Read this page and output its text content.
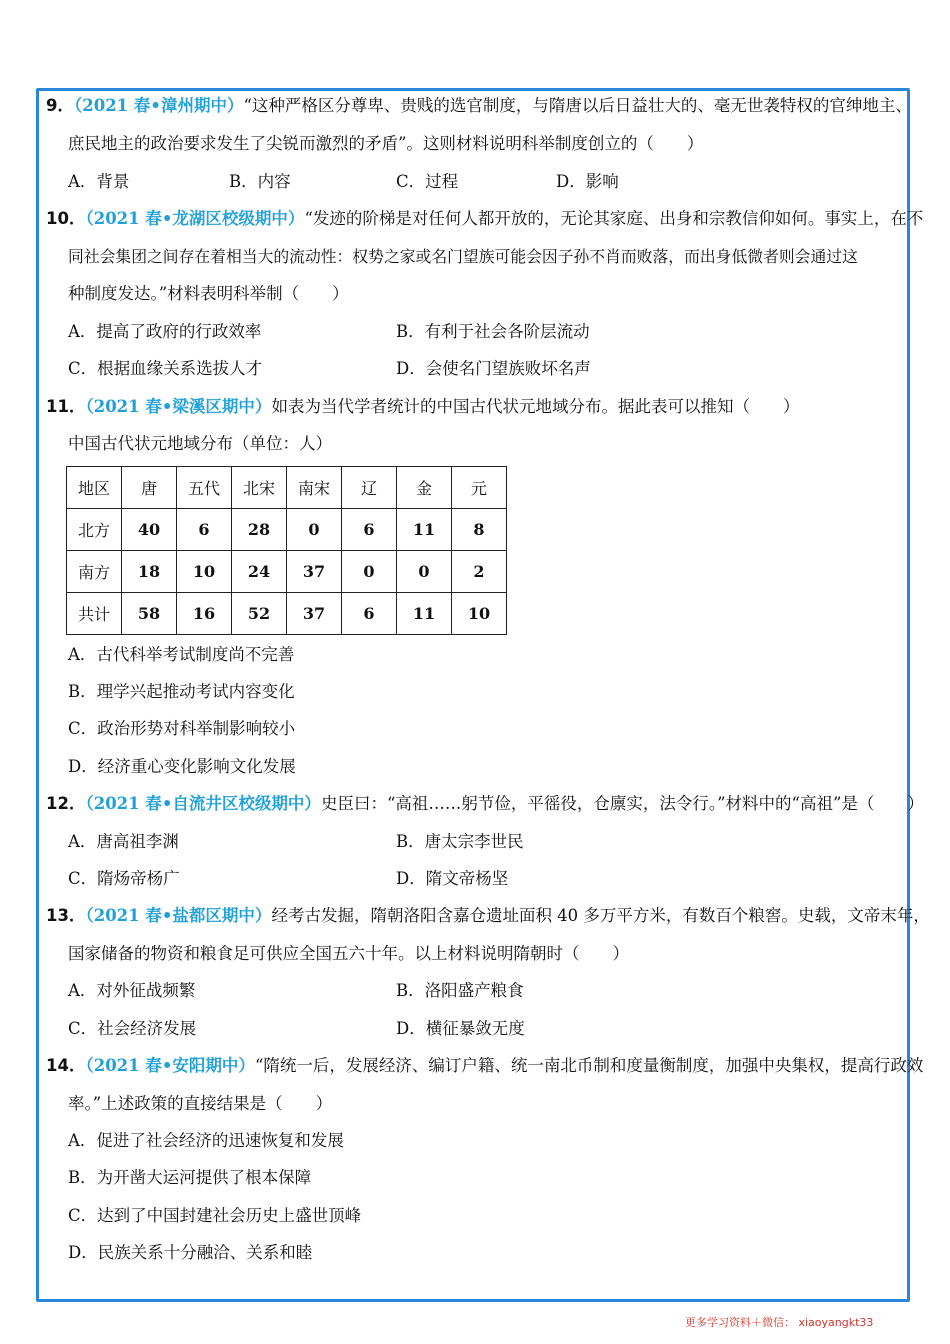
9．（2021 春•漳州期中）“这种严格区分尊卑、贵贱的选官制度，与隋唐以后日益壮大的、毫无世袭特权的官绅地主、
庶民地主的政治要求发生了尖锐而激烈的矛盾”。这则材料说明科举制度创立的（　　）
A．背景	B．内容	C．过程	D．影响
10．（2021 春•龙湖区校级期中）“发迹的阶梯是对任何人都开放的，无论其家庭、出身和宗教信仰如何。事实上，在不
同社会集团之间存在着相当大的流动性：权势之家或名门望族可能会因子孙不肖而败落，而出身低微者则会通过这
种制度发达。”材料表明科举制（　　）
A．提高了政府的行政效率	B．有利于社会各阶层流动
C．根据血缘关系选拔人才	D．会使名门望族败坏名声
11．（2021 春•梁溪区期中）如表为当代学者统计的中国古代状元地域分布。据此表可以推知（　　）
中国古代状元地域分布（单位：人）
地区	唐	五代	北宋	南宋	辽	金	元
北方	40	6	28	0	6	11	8
南方	18	10	24	37	0	0	2
共计	58	16	52	37	6	11	10
A．古代科举考试制度尚不完善
B．理学兴起推动考试内容变化
C．政治形势对科举制影响较小
D．经济重心变化影响文化发展
12．（2021 春•自流井区校级期中）史臣曰：“高祖……躬节俭，平徭役，仓廪实，法令行。”材料中的“高祖”是（　　）
A．唐高祖李渊	B．唐太宗李世民
C．隋炀帝杨广	D．隋文帝杨坚
13．（2021 春•盐都区期中）经考古发掘，隋朝洛阳含嘉仓遗址面积 40 多万平方米，有数百个粮窖。史载，文帝末年，
国家储备的物资和粮食足可供应全国五六十年。以上材料说明隋朝时（　　）
A．对外征战频繁	B．洛阳盛产粮食
C．社会经济发展	D．横征暴敛无度
14．（2021 春•安阳期中）“隋统一后，发展经济、编订户籍、统一南北币制和度量衡制度，加强中央集权，提高行政效
率。”上述政策的直接结果是（　　）
A．促进了社会经济的迅速恢复和发展
B．为开凿大运河提供了根本保障
C．达到了中国封建社会历史上盛世顶峰
D．民族关系十分融洽、关系和睦
更多学习资料＋微信： xiaoyangkt33
